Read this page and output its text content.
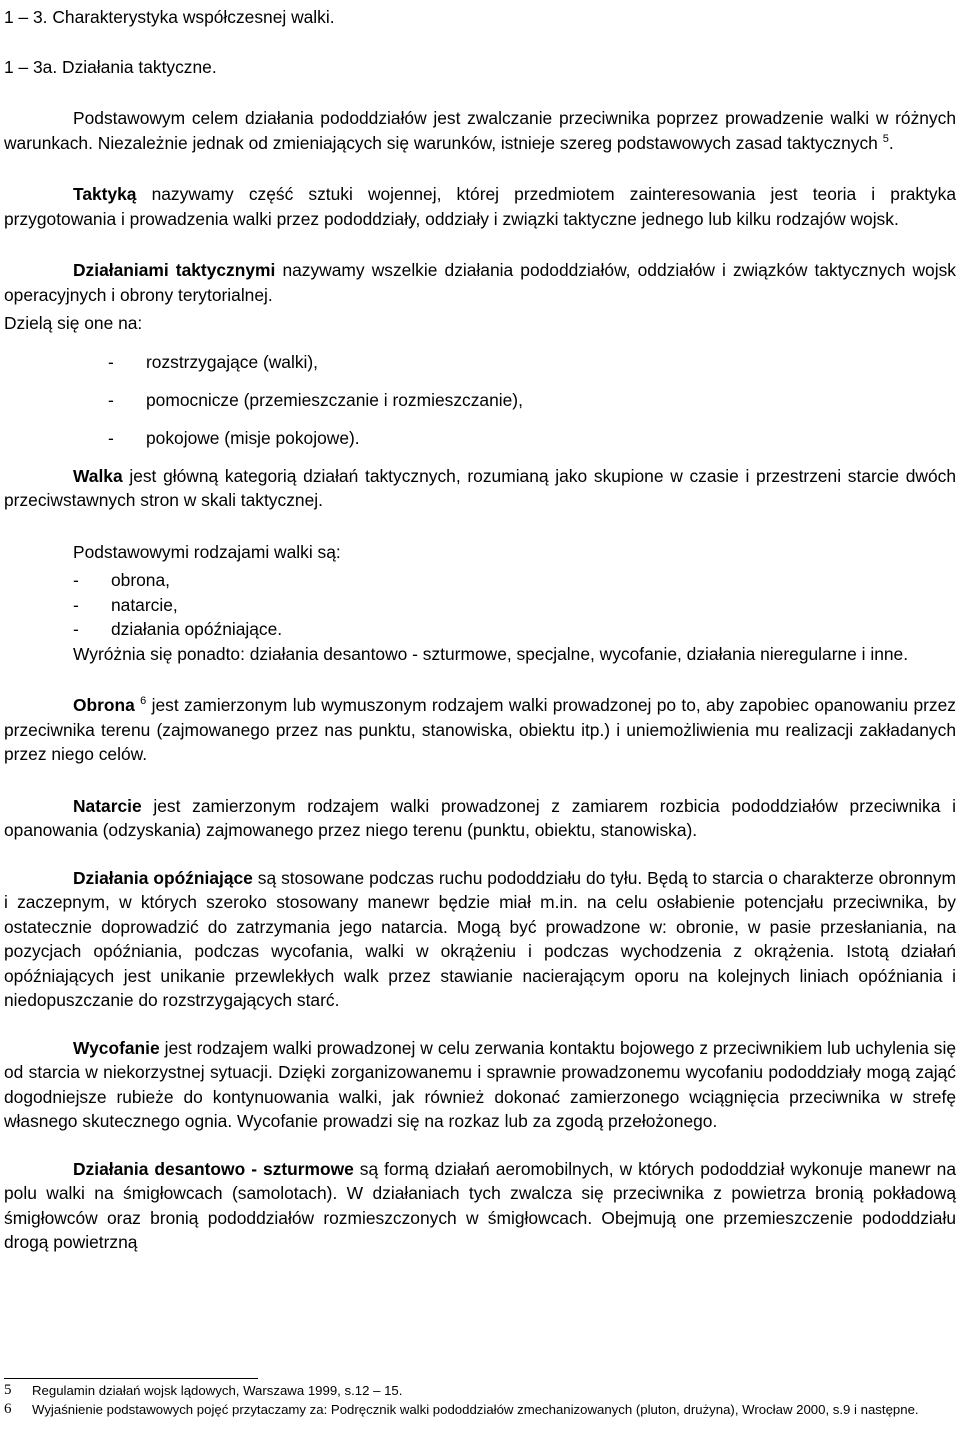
1 – 3. Charakterystyka współczesnej walki.
1 – 3a. Działania taktyczne.

Podstawowym celem działania pododdziałów jest zwalczanie przeciwnika poprzez prowadzenie walki w różnych warunkach. Niezależnie jednak od zmieniających się warunków, istnieje szereg podstawowych zasad taktycznych $^5$.

Taktyką nazywamy część sztuki wojennej, której przedmiotem zainteresowania jest teoria i praktyka przygotowania i prowadzenia walki przez pododdziały, oddziały i związki taktyczne jednego lub kilku rodzajów wojsk.

Działaniami taktycznymi nazywamy wszelkie działania pododdziałów, oddziałów i związków taktycznych wojsk operacyjnych i obrony terytorialnej.

Dzielą się one na:

- rozstrzygające (walki),
- pomocnicze (przemieszczanie i rozmieszczanie),
- pokojowe (misje pokojowe).

Walka jest główną kategorią działań taktycznych, rozumianą jako skupione w czasie i przestrzeni starcie dwóch przeciwstawnych stron w skali taktycznej.

Podstawowymi rodzajami walki są:

- obrona,
- natarcie,
- działania opóźniające.

Wyróżnia się ponadto: działania desantowo - szturmowe, specjalne, wycofanie, działania nieregularne i inne.

Obrona $^6$ jest zamierzonym lub wymuszonym rodzajem walki prowadzonej po to, aby zapobiec opanowaniu przez przeciwnika terenu (zajmowanego przez nas punktu, stanowiska, obiektu itp.) i uniemożliwienia mu realizacji zakładanych przez niego celów.

Natarcie jest zamierzonym rodzajem walki prowadzonej z zamiarem rozbicia pododdziałów przeciwnika i opanowania (odzyskania) zajmowanego przez niego terenu (punktu, obiektu, stanowiska).

Działania opóźniające są stosowane podczas ruchu pododdziału do tyłu. Będą to starcia o charakterze obronnym i zaczepnym, w których szeroko stosowany manewr będzie miał m.in. na celu osłabienie potencjału przeciwnika, by ostatecznie doprowadzić do zatrzymania jego natarcia. Mogą być prowadzone w: obronie, w pasie przesłaniania, na pozycjach opóźniania, podczas wycofania, walki w okrążeniu i podczas wychodzenia z okrążenia. Istotą działań opóźniających jest unikanie przewlekłych walk przez stawianie nacierającym oporu na kolejnych liniach opóźniania i niedopuszczanie do rozstrzygających starć.

Wycofanie jest rodzajem walki prowadzonej w celu zerwania kontaktu bojowego z przeciwnikiem lub uchylenia się od starcia w niekorzystnej sytuacji. Dzięki zorganizowanemu i sprawnie prowadzonemu wycofaniu pododdziały mogą zająć dogodniejsze rubieże do kontynuowania walki, jak również dokonać zamierzonego wciągnięcia przeciwnika w strefę własnego skutecznego ognia. Wycofanie prowadzi się na rozkaz lub za zgodą przełożonego.

Działania desantowo - szturmowe są formą działań aeromobilnych, w których pododdział wykonuje manewr na polu walki na śmigłowcach (samolotach). W działaniach tych zwalcza się przeciwnika z powietrza bronią pokładową śmigłowców oraz bronią pododdziałów rozmieszczonych w śmigłowcach. Obejmują one przemieszczenie pododdziału drogą powietrzną

5	Regulamin działań wojsk lądowych, Warszawa 1999, s.12 – 15.
6	Wyjaśnienie podstawowych pojęć przytaczamy za: Podręcznik walki pododdziałów zmechanizowanych (pluton, drużyna), Wrocław 2000, s.9 i następne.
